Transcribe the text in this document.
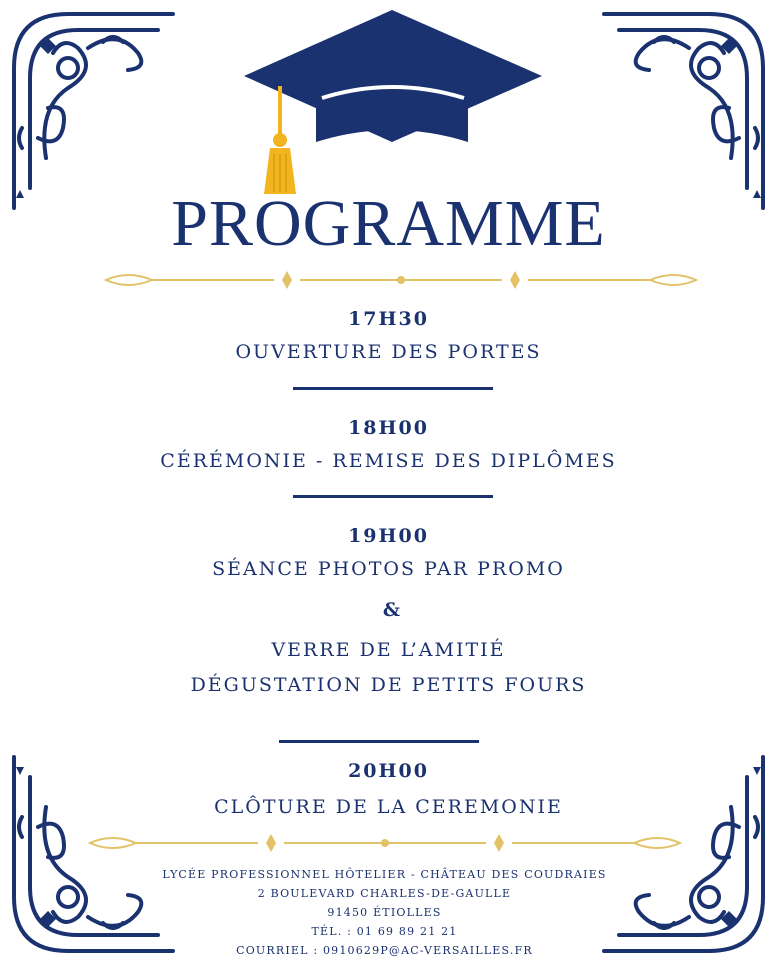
PROGRAMME
17H30
OUVERTURE DES PORTES
18H00
CÉRÉMONIE - REMISE DES DIPLÔMES
19H00
SÉANCE PHOTOS PAR PROMO
&
VERRE DE L’AMITIÉ
DÉGUSTATION DE PETITS FOURS
20H00
CLÔTURE DE LA CEREMONIE
LYCÉE PROFESSIONNEL HÔTELIER - CHÂTEAU DES COUDRAIES
2 BOULEVARD CHARLES-DE-GAULLE
91450 ÉTIOLLES
TÉL. : 01 69 89 21 21
COURRIEL : 0910629P@AC-VERSAILLES.FR
